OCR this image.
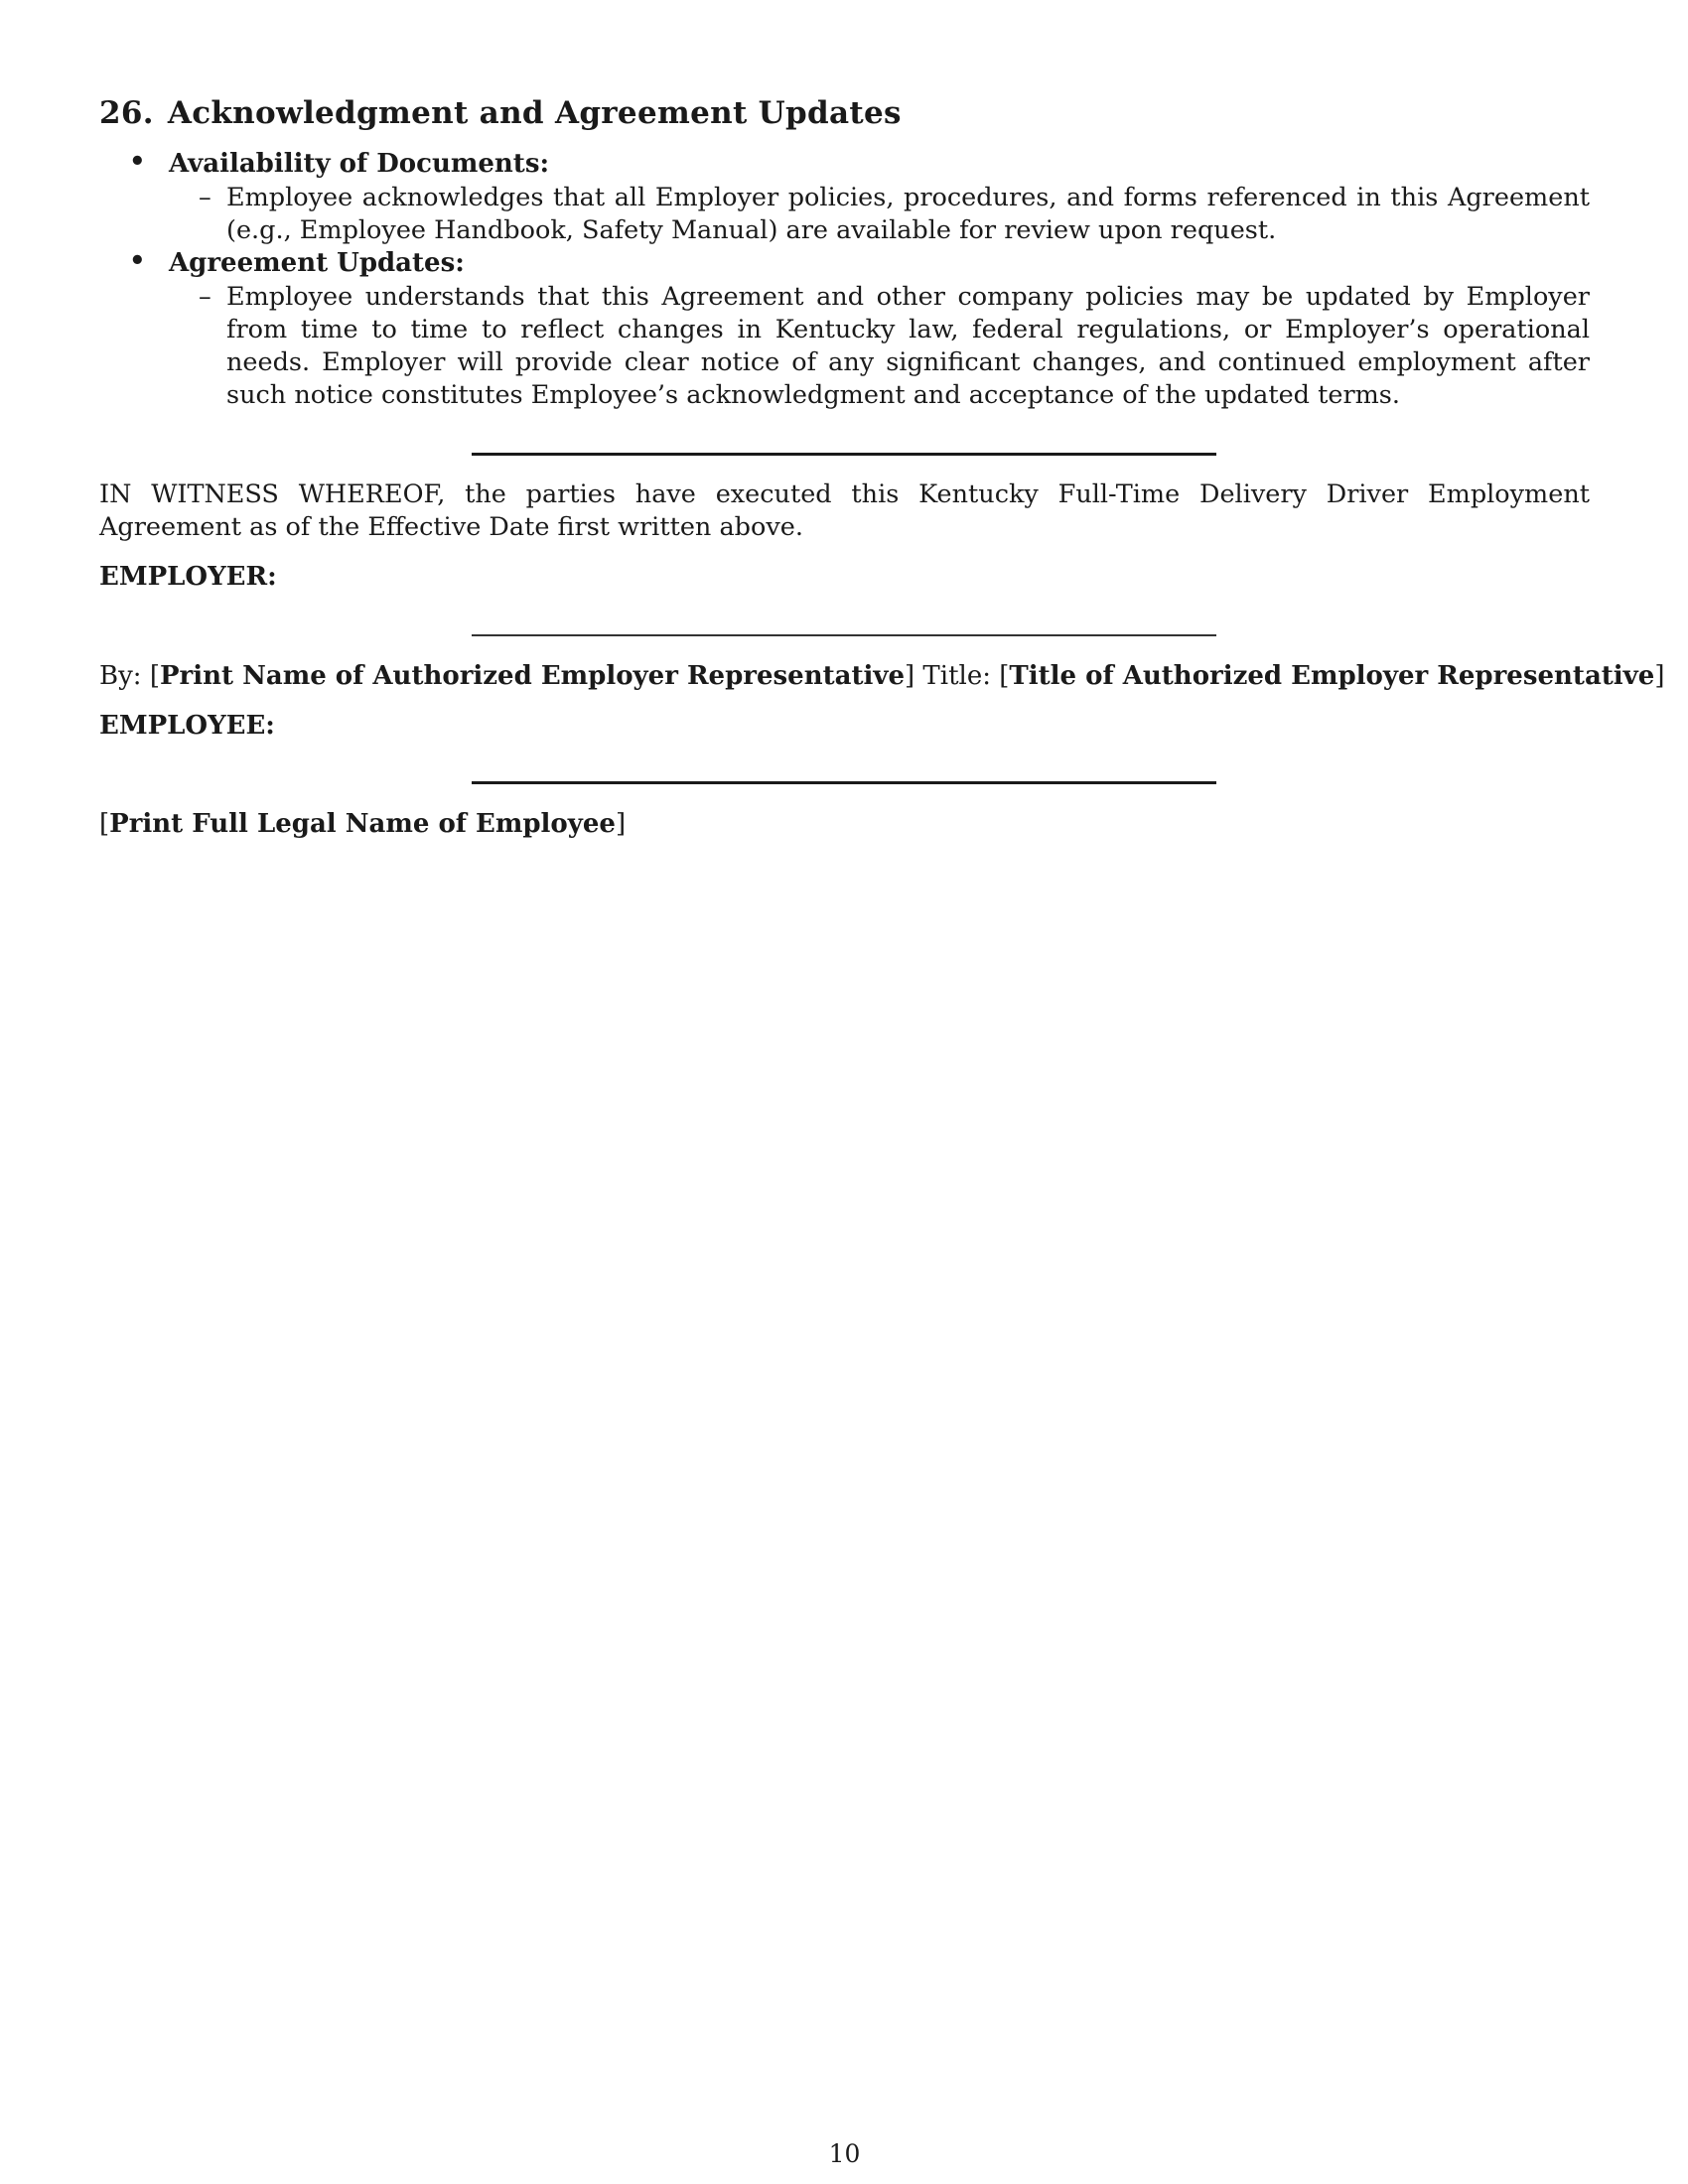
26. Acknowledgment and Agreement Updates
• Availability of Documents:
– Employee acknowledges that all Employer policies, procedures, and forms referenced in this Agreement (e.g., Employee Handbook, Safety Manual) are available for review upon request.
• Agreement Updates:
– Employee understands that this Agreement and other company policies may be updated by Employer from time to time to reflect changes in Kentucky law, federal regulations, or Employer’s operational needs. Employer will provide clear notice of any significant changes, and continued employment after such notice constitutes Employee’s acknowledgment and acceptance of the updated terms.
IN WITNESS WHEREOF, the parties have executed this Kentucky Full-Time Delivery Driver Employment Agreement as of the Effective Date first written above.
EMPLOYER:
By: [Print Name of Authorized Employer Representative] Title: [Title of Authorized Employer Representative]
EMPLOYEE:
[Print Full Legal Name of Employee]
10
